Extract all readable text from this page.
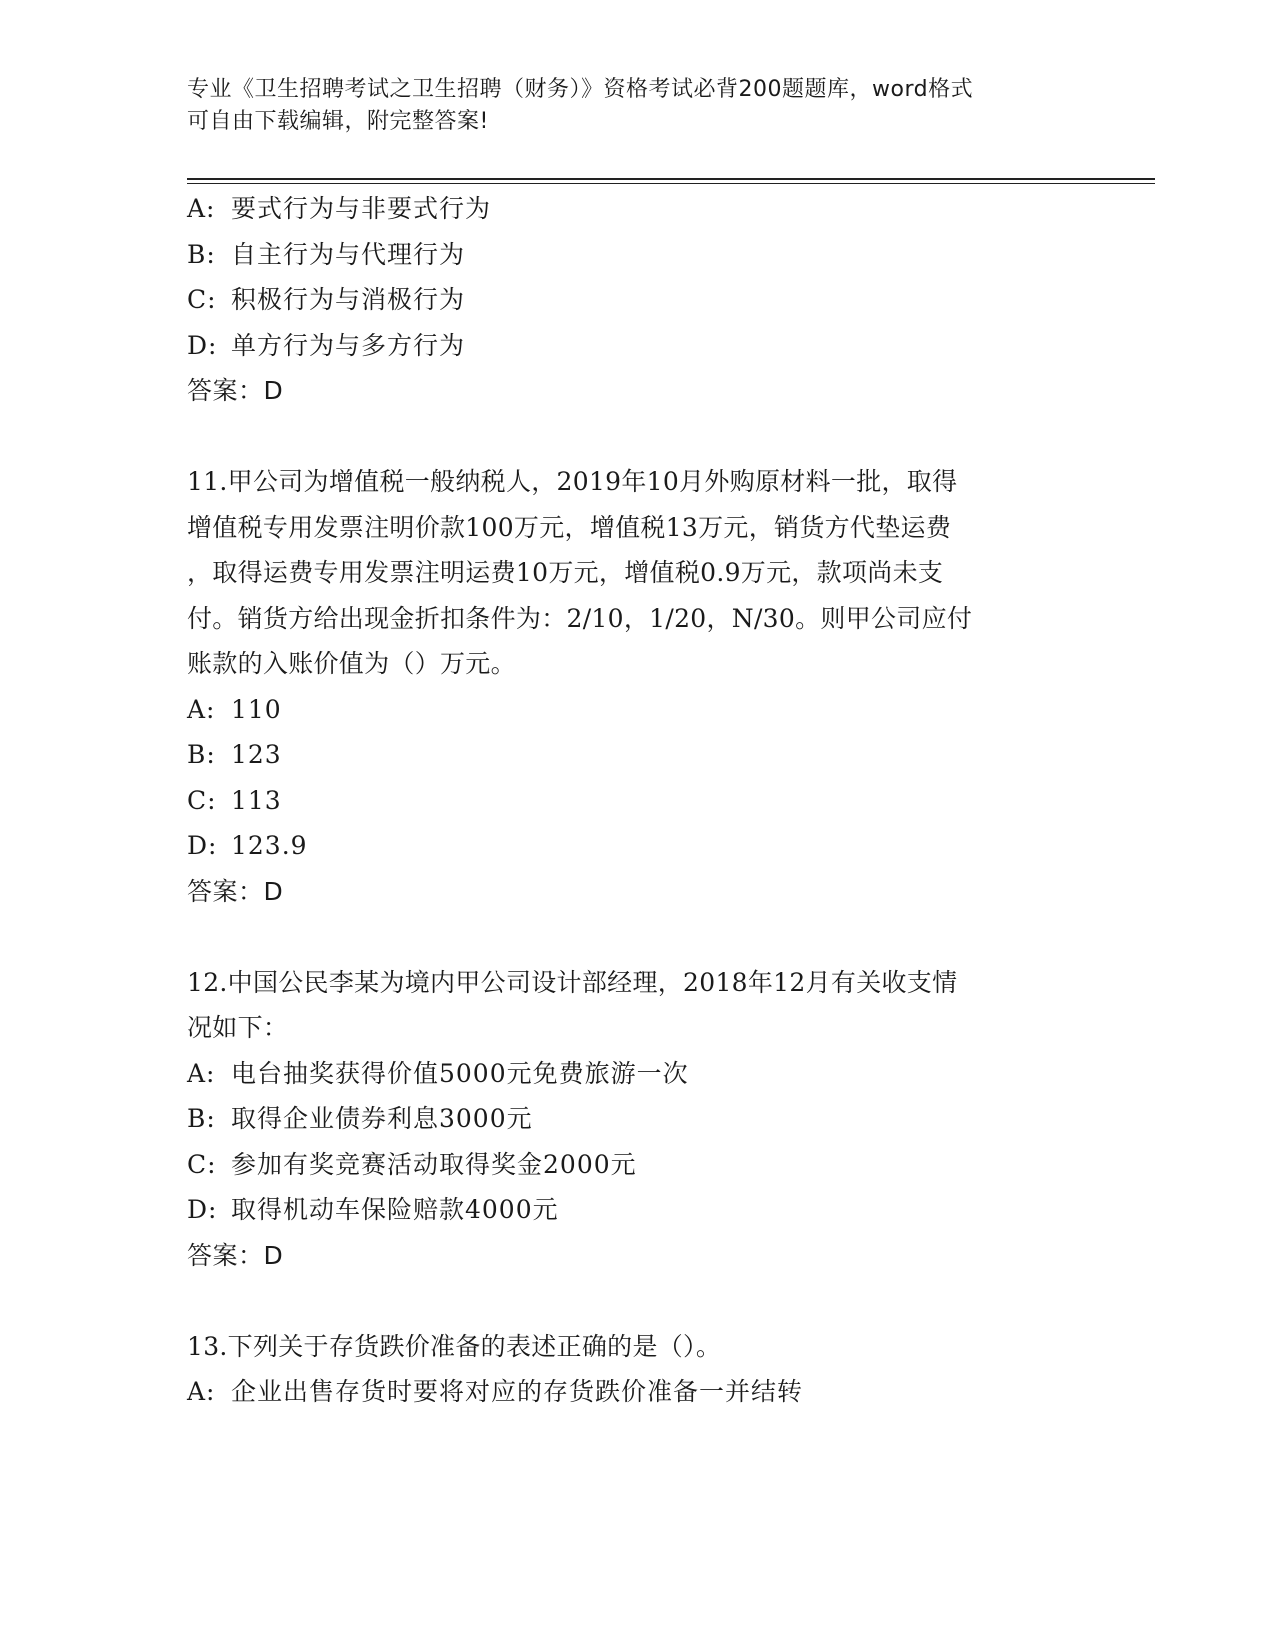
专业《卫生招聘考试之卫生招聘（财务）》资格考试必背200题题库，word格式
可自由下载编辑，附完整答案!
A: 要式行为与非要式行为
B: 自主行为与代理行为
C: 积极行为与消极行为
D: 单方行为与多方行为
答案：D
11.甲公司为增值税一般纳税人，2019年10月外购原材料一批，取得
增值税专用发票注明价款100万元，增值税13万元，销货方代垫运费
，取得运费专用发票注明运费10万元，增值税0.9万元，款项尚未支
付。销货方给出现金折扣条件为：2/10，1/20，N/30。则甲公司应付
账款的入账价值为（）万元。
A: 110
B: 123
C: 113
D: 123.9
答案：D
12.中国公民李某为境内甲公司设计部经理，2018年12月有关收支情
况如下：
A: 电台抽奖获得价值5000元免费旅游一次
B: 取得企业债券利息3000元
C: 参加有奖竞赛活动取得奖金2000元
D: 取得机动车保险赔款4000元
答案：D
13.下列关于存货跌价准备的表述正确的是（）。
A: 企业出售存货时要将对应的存货跌价准备一并结转
